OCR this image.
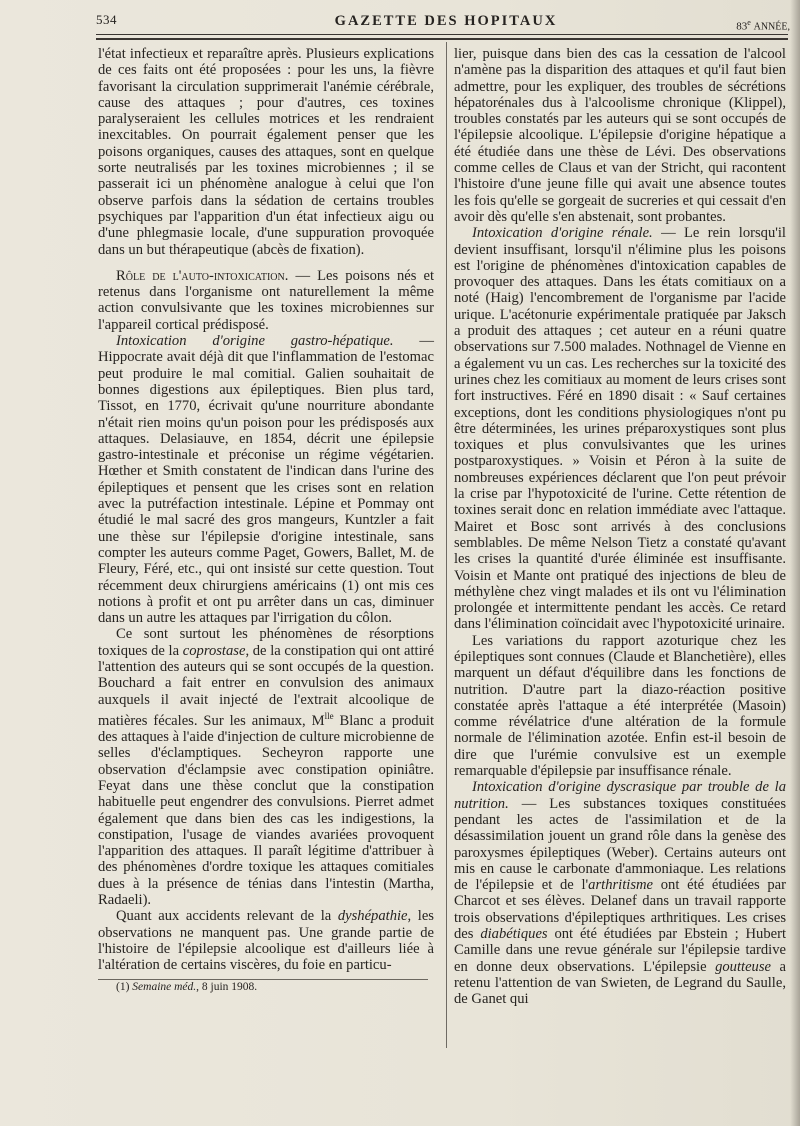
534	GAZETTE DES HOPITAUX	83e ANNÉE,

l'état infectieux et reparaître après. Plusieurs explications de ces faits ont été proposées : pour les uns, la fièvre favorisant la circulation supprimerait l'anémie cérébrale, cause des attaques ; pour d'autres, ces toxines paralyseraient les cellules motrices et les rendraient inexcitables. On pourrait également penser que les poisons organiques, causes des attaques, sont en quelque sorte neutralisés par les toxines microbiennes ; il se passerait ici un phénomène analogue à celui que l'on observe parfois dans la sédation de certains troubles psychiques par l'apparition d'un état infectieux aigu ou d'une phlegmasie locale, d'une suppuration provoquée dans un but thérapeutique (abcès de fixation).

Rôle de l'auto-intoxication. — Les poisons nés et retenus dans l'organisme ont naturellement la même action convulsivante que les toxines microbiennes sur l'appareil cortical prédisposé.

Intoxication d'origine gastro-hépatique. — Hippocrate avait déjà dit que l'inflammation de l'estomac peut produire le mal comitial. Galien souhaitait de bonnes digestions aux épileptiques. Bien plus tard, Tissot, en 1770, écrivait qu'une nourriture abondante n'était rien moins qu'un poison pour les prédisposés aux attaques. Delasiauve, en 1854, décrit une épilepsie gastro-intestinale et préconise un régime végétarien. Hœther et Smith constatent de l'indican dans l'urine des épileptiques et pensent que les crises sont en relation avec la putréfaction intestinale. Lépine et Pommay ont étudié le mal sacré des gros mangeurs, Kuntzler a fait une thèse sur l'épilepsie d'origine intestinale, sans compter les auteurs comme Paget, Gowers, Ballet, M. de Fleury, Féré, etc., qui ont insisté sur cette question. Tout récemment deux chirurgiens américains (1) ont mis ces notions à profit et ont pu arrêter dans un cas, diminuer dans un autre les attaques par l'irrigation du côlon.

Ce sont surtout les phénomènes de résorptions toxiques de la coprostase, de la constipation qui ont attiré l'attention des auteurs qui se sont occupés de la question. Bouchard a fait entrer en convulsion des animaux auxquels il avait injecté de l'extrait alcoolique de matières fécales. Sur les animaux, $M^{lle}$ Blanc a produit des attaques à l'aide d'injection de culture microbienne de selles d'éclamptiques. Secheyron rapporte une observation d'éclampsie avec constipation opiniâtre. Feyat dans une thèse conclut que la constipation habituelle peut engendrer des convulsions. Pierret admet également que dans bien des cas les indigestions, la constipation, l'usage de viandes avariées provoquent l'apparition des attaques. Il paraît légitime d'attribuer à des phénomènes d'ordre toxique les attaques comitiales dues à la présence de ténias dans l'intestin (Martha, Radaeli).

Quant aux accidents relevant de la dyshépathie, les observations ne manquent pas. Une grande partie de l'histoire de l'épilepsie alcoolique est d'ailleurs liée à l'altération de certains viscères, du foie en particu-

(1) Semaine méd., 8 juin 1908.

lier, puisque dans bien des cas la cessation de l'alcool n'amène pas la disparition des attaques et qu'il faut bien admettre, pour les expliquer, des troubles de sécrétions hépatorénales dus à l'alcoolisme chronique (Klippel), troubles constatés par les auteurs qui se sont occupés de l'épilepsie alcoolique. L'épilepsie d'origine hépatique a été étudiée dans une thèse de Lévi. Des observations comme celles de Claus et van der Stricht, qui racontent l'histoire d'une jeune fille qui avait une absence toutes les fois qu'elle se gorgeait de sucreries et qui cessait d'en avoir dès qu'elle s'en abstenait, sont probantes.

Intoxication d'origine rénale. — Le rein lorsqu'il devient insuffisant, lorsqu'il n'élimine plus les poisons est l'origine de phénomènes d'intoxication capables de provoquer des attaques. Dans les états comitiaux on a noté (Haig) l'encombrement de l'organisme par l'acide urique. L'acétonurie expérimentale pratiquée par Jaksch a produit des attaques ; cet auteur en a réuni quatre observations sur 7.500 malades. Nothnagel de Vienne en a également vu un cas. Les recherches sur la toxicité des urines chez les comitiaux au moment de leurs crises sont fort instructives. Féré en 1890 disait : « Sauf certaines exceptions, dont les conditions physiologiques n'ont pu être déterminées, les urines préparoxystiques sont plus toxiques et plus convulsivantes que les urines postparoxystiques. » Voisin et Péron à la suite de nombreuses expériences déclarent que l'on peut prévoir la crise par l'hypotoxicité de l'urine. Cette rétention de toxines serait donc en relation immédiate avec l'attaque. Mairet et Bosc sont arrivés à des conclusions semblables. De même Nelson Tietz a constaté qu'avant les crises la quantité d'urée éliminée est insuffisante. Voisin et Mante ont pratiqué des injections de bleu de méthylène chez vingt malades et ils ont vu l'élimination prolongée et intermittente pendant les accès. Ce retard dans l'élimination coïncidait avec l'hypotoxicité urinaire.

Les variations du rapport azoturique chez les épileptiques sont connues (Claude et Blanchetière), elles marquent un défaut d'équilibre dans les fonctions de nutrition. D'autre part la diazo-réaction positive constatée après l'attaque a été interprétée (Masoin) comme révélatrice d'une altération de la formule normale de l'élimination azotée. Enfin est-il besoin de dire que l'urémie convulsive est un exemple remarquable d'épilepsie par insuffisance rénale.

Intoxication d'origine dyscrasique par trouble de la nutrition. — Les substances toxiques constituées pendant les actes de l'assimilation et de la désassimilation jouent un grand rôle dans la genèse des paroxysmes épileptiques (Weber). Certains auteurs ont mis en cause le carbonate d'ammoniaque. Les relations de l'épilepsie et de l'arthritisme ont été étudiées par Charcot et ses élèves. Delanef dans un travail rapporte trois observations d'épileptiques arthritiques. Les crises des diabétiques ont été étudiées par Ebstein ; Hubert Camille dans une revue générale sur l'épilepsie tardive en donne deux observations. L'épilepsie goutteuse a retenu l'attention de van Swieten, de Legrand du Saulle, de Ganet qui
